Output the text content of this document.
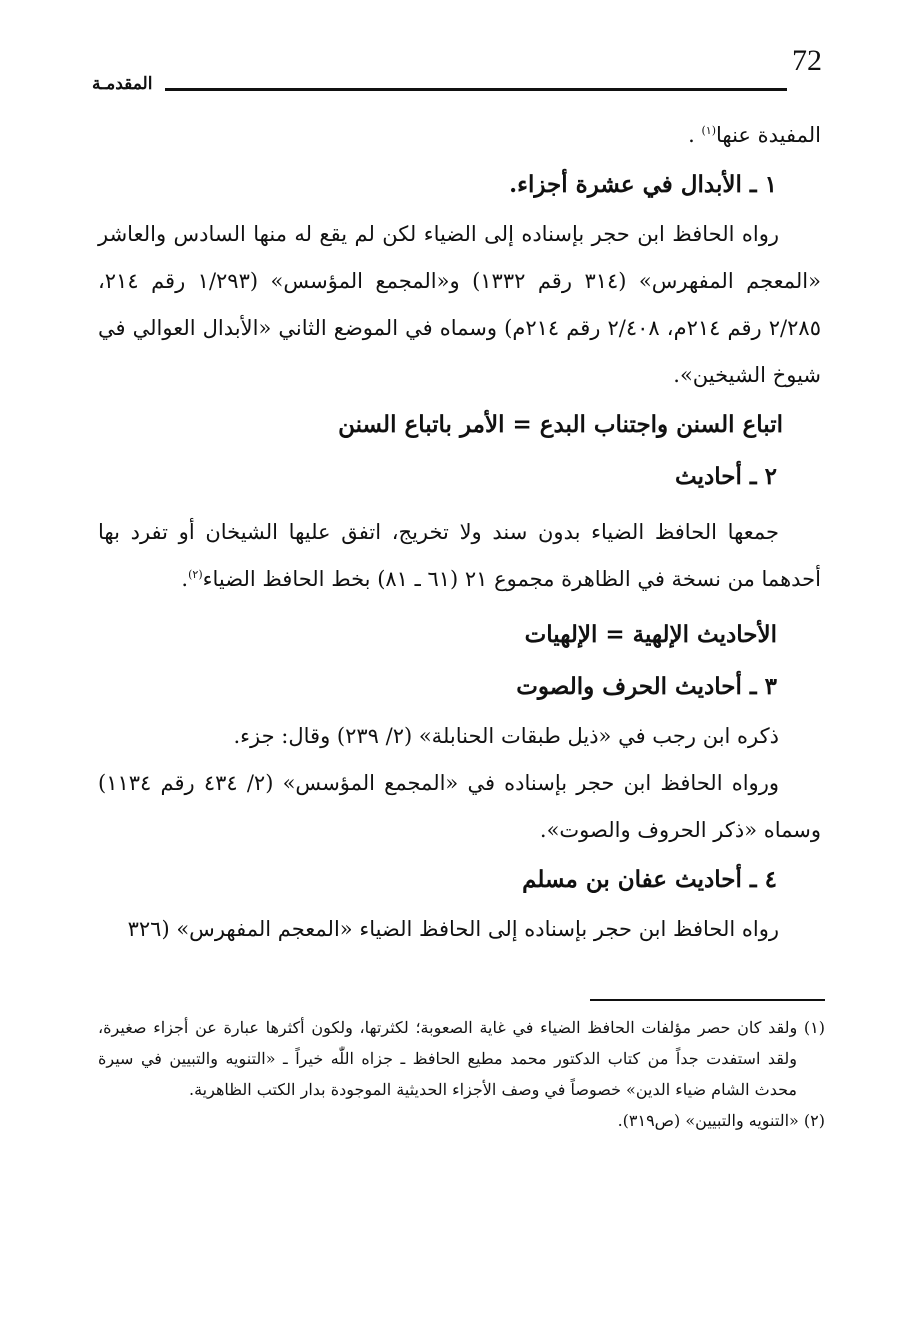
72
المقدمـة

المفيدة عنها$^{(١)}$ .

١ ـ الأبدال في عشرة أجزاء.

رواه الحافظ ابن حجر بإسناده إلى الضياء لكن لم يقع له منها السادس والعاشر «المعجم المفهرس» (٣١٤ رقم ١٣٣٢) و«المجمع المؤسس» (١/٢٩٣ رقم ٢١٤، ٢/٢٨٥ رقم ٢١٤م، ٢/٤٠٨ رقم ٢١٤م) وسماه في الموضع الثاني «الأبدال العوالي في شيوخ الشيخين».

اتباع السنن واجتناب البدع = الأمر باتباع السنن
٢ ـ أحاديث

جمعها الحافظ الضياء بدون سند ولا تخريج، اتفق عليها الشيخان أو تفرد بها أحدهما من نسخة في الظاهرة مجموع ٢١ (٦١ ـ ٨١) بخط الحافظ الضياء$^{(٢)}$.

الأحاديث الإلهية = الإلهيات
٣ ـ أحاديث الحرف والصوت

ذكره ابن رجب في «ذيل طبقات الحنابلة» (٢/ ٢٣٩) وقال: جزء.

ورواه الحافظ ابن حجر بإسناده في «المجمع المؤسس» (٢/ ٤٣٤ رقم ١١٣٤) وسماه «ذكر الحروف والصوت».

٤ ـ أحاديث عفان بن مسلم

رواه الحافظ ابن حجر بإسناده إلى الحافظ الضياء «المعجم المفهرس» (٣٢٦

(١) ولقد كان حصر مؤلفات الحافظ الضياء في غاية الصعوبة؛ لكثرتها، ولكون أكثرها عبارة عن أجزاء صغيرة، ولقد استفدت جداً من كتاب الدكتور محمد مطيع الحافظ ـ جزاه اللّٰه خيراً ـ «التنويه والتبيين في سيرة محدث الشام ضياء الدين» خصوصاً في وصف الأجزاء الحديثية الموجودة بدار الكتب الظاهرية.

(٢) «التنويه والتبيين» (ص٣١٩).
